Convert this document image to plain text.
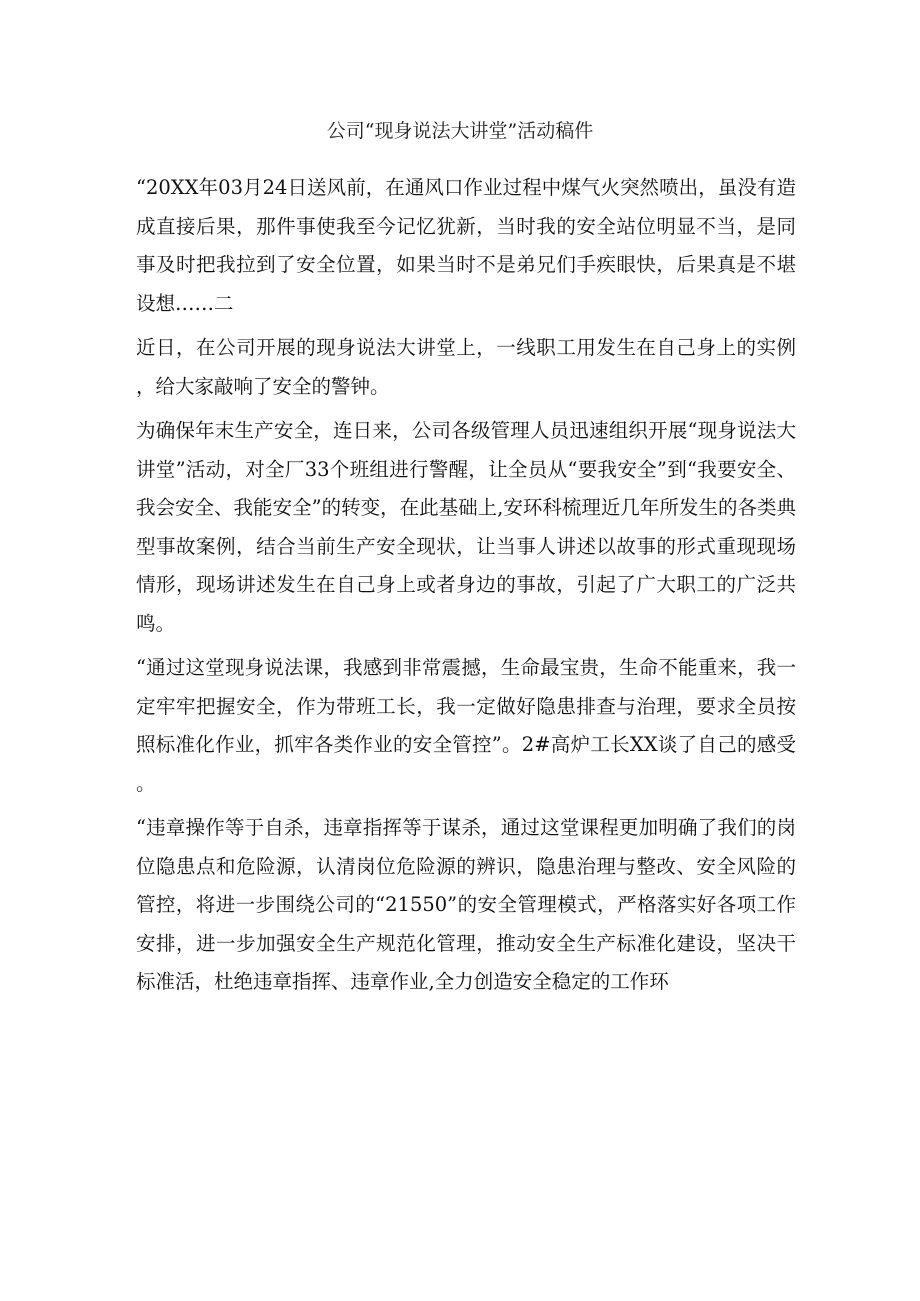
公司“现身说法大讲堂”活动稿件

“20XX年03月24日送风前，在通风口作业过程中煤气火突然喷出，虽没有造成直接后果，那件事使我至今记忆犹新，当时我的安全站位明显不当，是同事及时把我拉到了安全位置，如果当时不是弟兄们手疾眼快，后果真是不堪设想……二

近日，在公司开展的现身说法大讲堂上，一线职工用发生在自己身上的实例，给大家敲响了安全的警钟。

为确保年末生产安全，连日来，公司各级管理人员迅速组织开展“现身说法大讲堂”活动，对全厂33个班组进行警醒，让全员从“要我安全”到“我要安全、我会安全、我能安全”的转变，在此基础上,安环科梳理近几年所发生的各类典型事故案例，结合当前生产安全现状，让当事人讲述以故事的形式重现现场情形，现场讲述发生在自己身上或者身边的事故，引起了广大职工的广泛共鸣。

“通过这堂现身说法课，我感到非常震撼，生命最宝贵，生命不能重来，我一定牢牢把握安全，作为带班工长，我一定做好隐患排查与治理，要求全员按照标准化作业，抓牢各类作业的安全管控”。2#高炉工长XX谈了自己的感受。

“违章操作等于自杀，违章指挥等于谋杀，通过这堂课程更加明确了我们的岗位隐患点和危险源，认清岗位危险源的辨识，隐患治理与整改、安全风险的管控，将进一步围绕公司的“21550”的安全管理模式，严格落实好各项工作安排，进一步加强安全生产规范化管理，推动安全生产标准化建设，坚决干标准活，杜绝违章指挥、违章作业,全力创造安全稳定的工作环
